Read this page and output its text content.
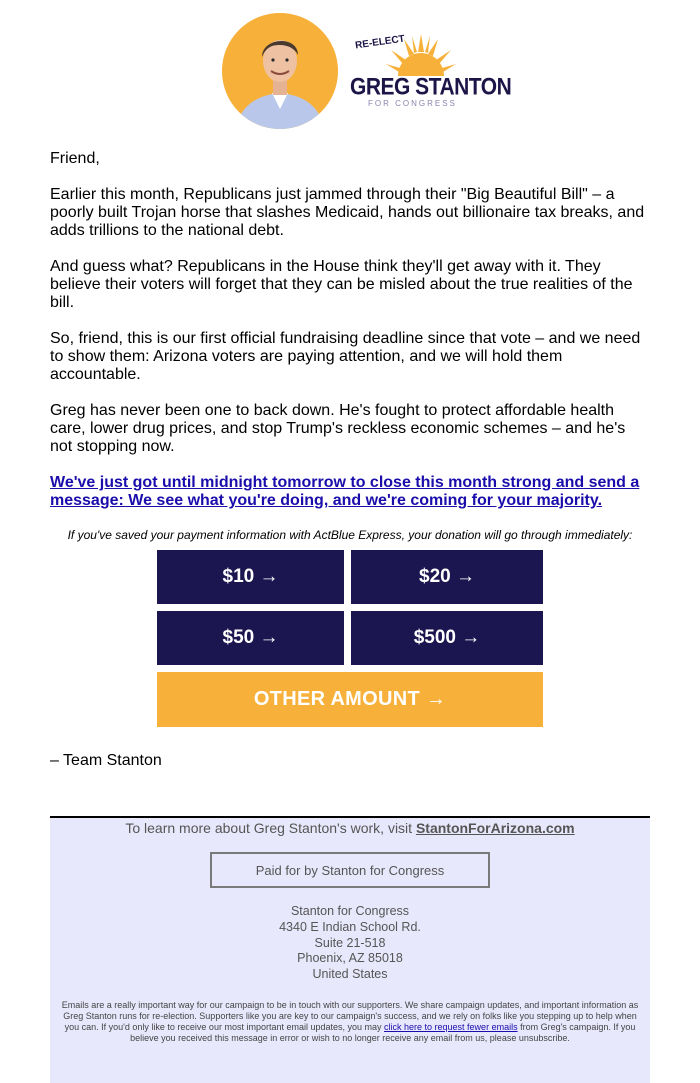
RE-ELECT
GREG STANTON
FOR CONGRESS

Friend,

Earlier this month, Republicans just jammed through their "Big Beautiful Bill" – a poorly built Trojan horse that slashes Medicaid, hands out billionaire tax breaks, and adds trillions to the national debt.

And guess what? Republicans in the House think they'll get away with it. They believe their voters will forget that they can be misled about the true realities of the bill.

So, friend, this is our first official fundraising deadline since that vote – and we need to show them: Arizona voters are paying attention, and we will hold them accountable.

Greg has never been one to back down. He's fought to protect affordable health care, lower drug prices, and stop Trump's reckless economic schemes – and he's not stopping now.

We've just got until midnight tomorrow to close this month strong and send a message: We see what you're doing, and we're coming for your majority.

If you've saved your payment information with ActBlue Express, your donation will go through immediately:
$10 →	$20 →
$50 →	$500 →
OTHER AMOUNT →
– Team Stanton
To learn more about Greg Stanton's work, visit StantonForArizona.com
Paid for by Stanton for Congress
Stanton for Congress
4340 E Indian School Rd.
Suite 21-518
Phoenix, AZ 85018
United States
Emails are a really important way for our campaign to be in touch with our supporters. We share campaign updates, and important information as Greg Stanton runs for re-election. Supporters like you are key to our campaign's success, and we rely on folks like you stepping up to help when you can. If you'd only like to receive our most important email updates, you may click here to request fewer emails from Greg's campaign. If you believe you received this message in error or wish to no longer receive any email from us, please unsubscribe.
